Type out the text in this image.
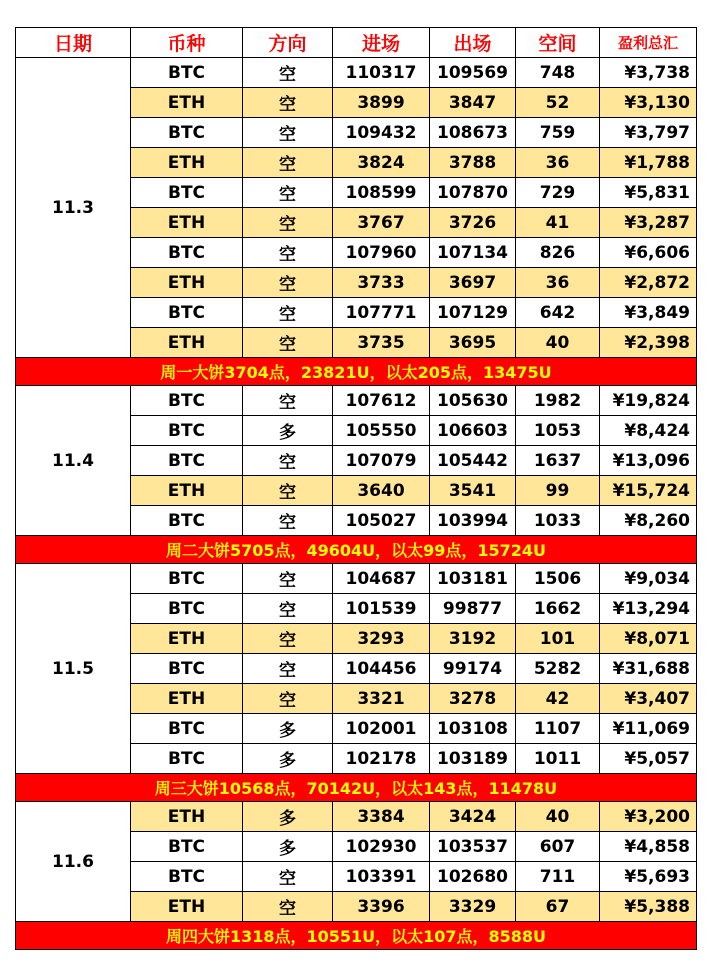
日期	币种	方向	进场	出场	空间	盈利总汇
11.3	BTC	空	110317	109569	748	¥3,738
	ETH	空	3899	3847	52	¥3,130
	BTC	空	109432	108673	759	¥3,797
	ETH	空	3824	3788	36	¥1,788
	BTC	空	108599	107870	729	¥5,831
	ETH	空	3767	3726	41	¥3,287
	BTC	空	107960	107134	826	¥6,606
	ETH	空	3733	3697	36	¥2,872
	BTC	空	107771	107129	642	¥3,849
	ETH	空	3735	3695	40	¥2,398
周一大饼3704点，23821U，以太205点，13475U						
11.4	BTC	空	107612	105630	1982	¥19,824
	BTC	多	105550	106603	1053	¥8,424
	BTC	空	107079	105442	1637	¥13,096
	ETH	空	3640	3541	99	¥15,724
	BTC	空	105027	103994	1033	¥8,260
周二大饼5705点，49604U，以太99点，15724U						
11.5	BTC	空	104687	103181	1506	¥9,034
	BTC	空	101539	99877	1662	¥13,294
	ETH	空	3293	3192	101	¥8,071
	BTC	空	104456	99174	5282	¥31,688
	ETH	空	3321	3278	42	¥3,407
	BTC	多	102001	103108	1107	¥11,069
	BTC	多	102178	103189	1011	¥5,057
周三大饼10568点，70142U，以太143点，11478U						
11.6	ETH	多	3384	3424	40	¥3,200
	BTC	多	102930	103537	607	¥4,858
	BTC	空	103391	102680	711	¥5,693
	ETH	空	3396	3329	67	¥5,388
周四大饼1318点，10551U，以太107点，8588U						
